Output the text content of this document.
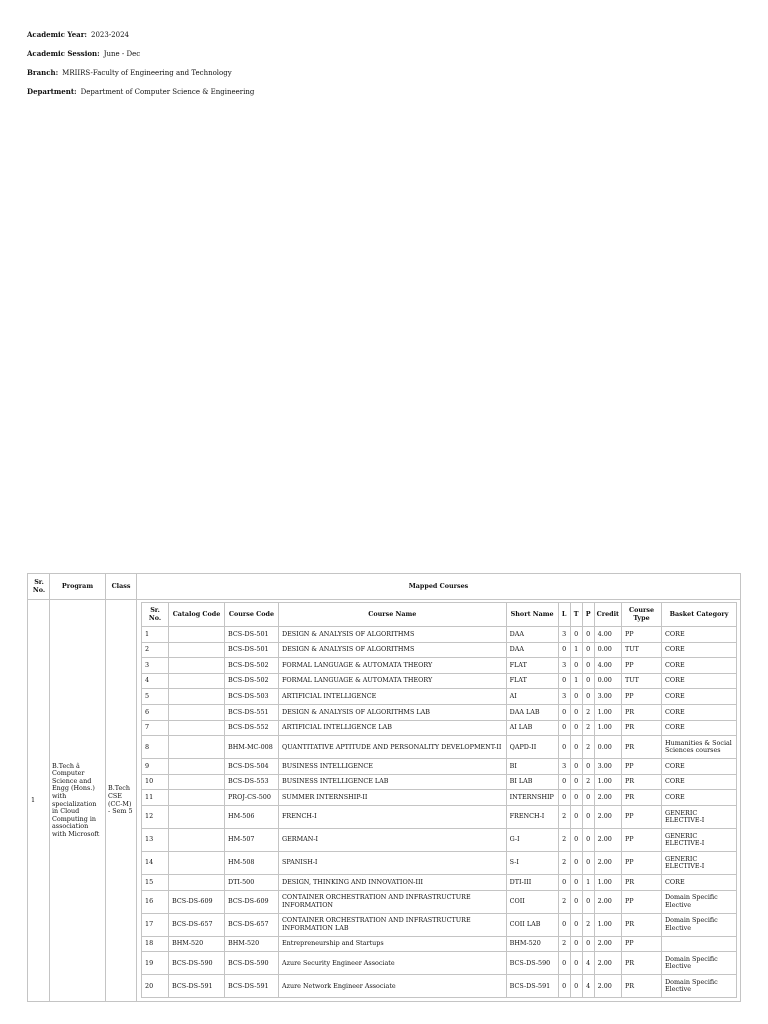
Academic Year: 2023-2024
Academic Session: June - Dec
Branch: MRIIRS-Faculty of Engineering and Technology
Department: Department of Computer Science & Engineering
Sr. No.	Program	Class	Mapped Courses
1	B.Tech â Computer Science and Engg (Hons.) with specialization in Cloud Computing in association with Microsoft	B.Tech CSE (CC-M) - Sem 5	
Sr. No.	Catalog Code	Course Code	Course Name	Short Name	L	T	P	Credit	Course Type	Basket Category
1		BCS-DS-501	DESIGN & ANALYSIS OF ALGORITHMS	DAA	3	0	0	4.00	PP	CORE
2		BCS-DS-501	DESIGN & ANALYSIS OF ALGORITHMS	DAA	0	1	0	0.00	TUT	CORE
3		BCS-DS-502	FORMAL LANGUAGE & AUTOMATA THEORY	FLAT	3	0	0	4.00	PP	CORE
4		BCS-DS-502	FORMAL LANGUAGE & AUTOMATA THEORY	FLAT	0	1	0	0.00	TUT	CORE
5		BCS-DS-503	ARTIFICIAL INTELLIGENCE	AI	3	0	0	3.00	PP	CORE
6		BCS-DS-551	DESIGN & ANALYSIS OF ALGORITHMS LAB	DAA LAB	0	0	2	1.00	PR	CORE
7		BCS-DS-552	ARTIFICIAL INTELLIGENCE LAB	AI LAB	0	0	2	1.00	PR	CORE
8		BHM-MC-008	QUANTITATIVE APTITUDE AND PERSONALITY DEVELOPMENT-II	QAPD-II	0	0	2	0.00	PR	Humanities & Social Sciences courses
9		BCS-DS-504	BUSINESS INTELLIGENCE	BI	3	0	0	3.00	PP	CORE
10		BCS-DS-553	BUSINESS INTELLIGENCE LAB	BI LAB	0	0	2	1.00	PR	CORE
11		PROJ-CS-500	SUMMER INTERNSHIP-II	INTERNSHIP	0	0	0	2.00	PR	CORE
12		HM-506	FRENCH-I	FRENCH-I	2	0	0	2.00	PP	GENERIC ELECTIVE-I
13		HM-507	GERMAN-I	G-I	2	0	0	2.00	PP	GENERIC ELECTIVE-I
14		HM-508	SPANISH-I	S-I	2	0	0	2.00	PP	GENERIC ELECTIVE-I
15		DTI-500	DESIGN, THINKING AND INNOVATION-III	DTI-III	0	0	1	1.00	PR	CORE
16	BCS-DS-609	BCS-DS-609	CONTAINER ORCHESTRATION AND INFRASTRUCTURE INFORMATION	COII	2	0	0	2.00	PP	Domain Specific Elective
17	BCS-DS-657	BCS-DS-657	CONTAINER ORCHESTRATION AND INFRASTRUCTURE INFORMATION LAB	COII LAB	0	0	2	1.00	PR	Domain Specific Elective
18	BHM-520	BHM-520	Entrepreneurship and Startups	BHM-520	2	0	0	2.00	PP	
19	BCS-DS-590	BCS-DS-590	Azure Security Engineer Associate	BCS-DS-590	0	0	4	2.00	PR	Domain Specific Elective
20	BCS-DS-591	BCS-DS-591	Azure Network Engineer Associate	BCS-DS-591	0	0	4	2.00	PR	Domain Specific Elective
